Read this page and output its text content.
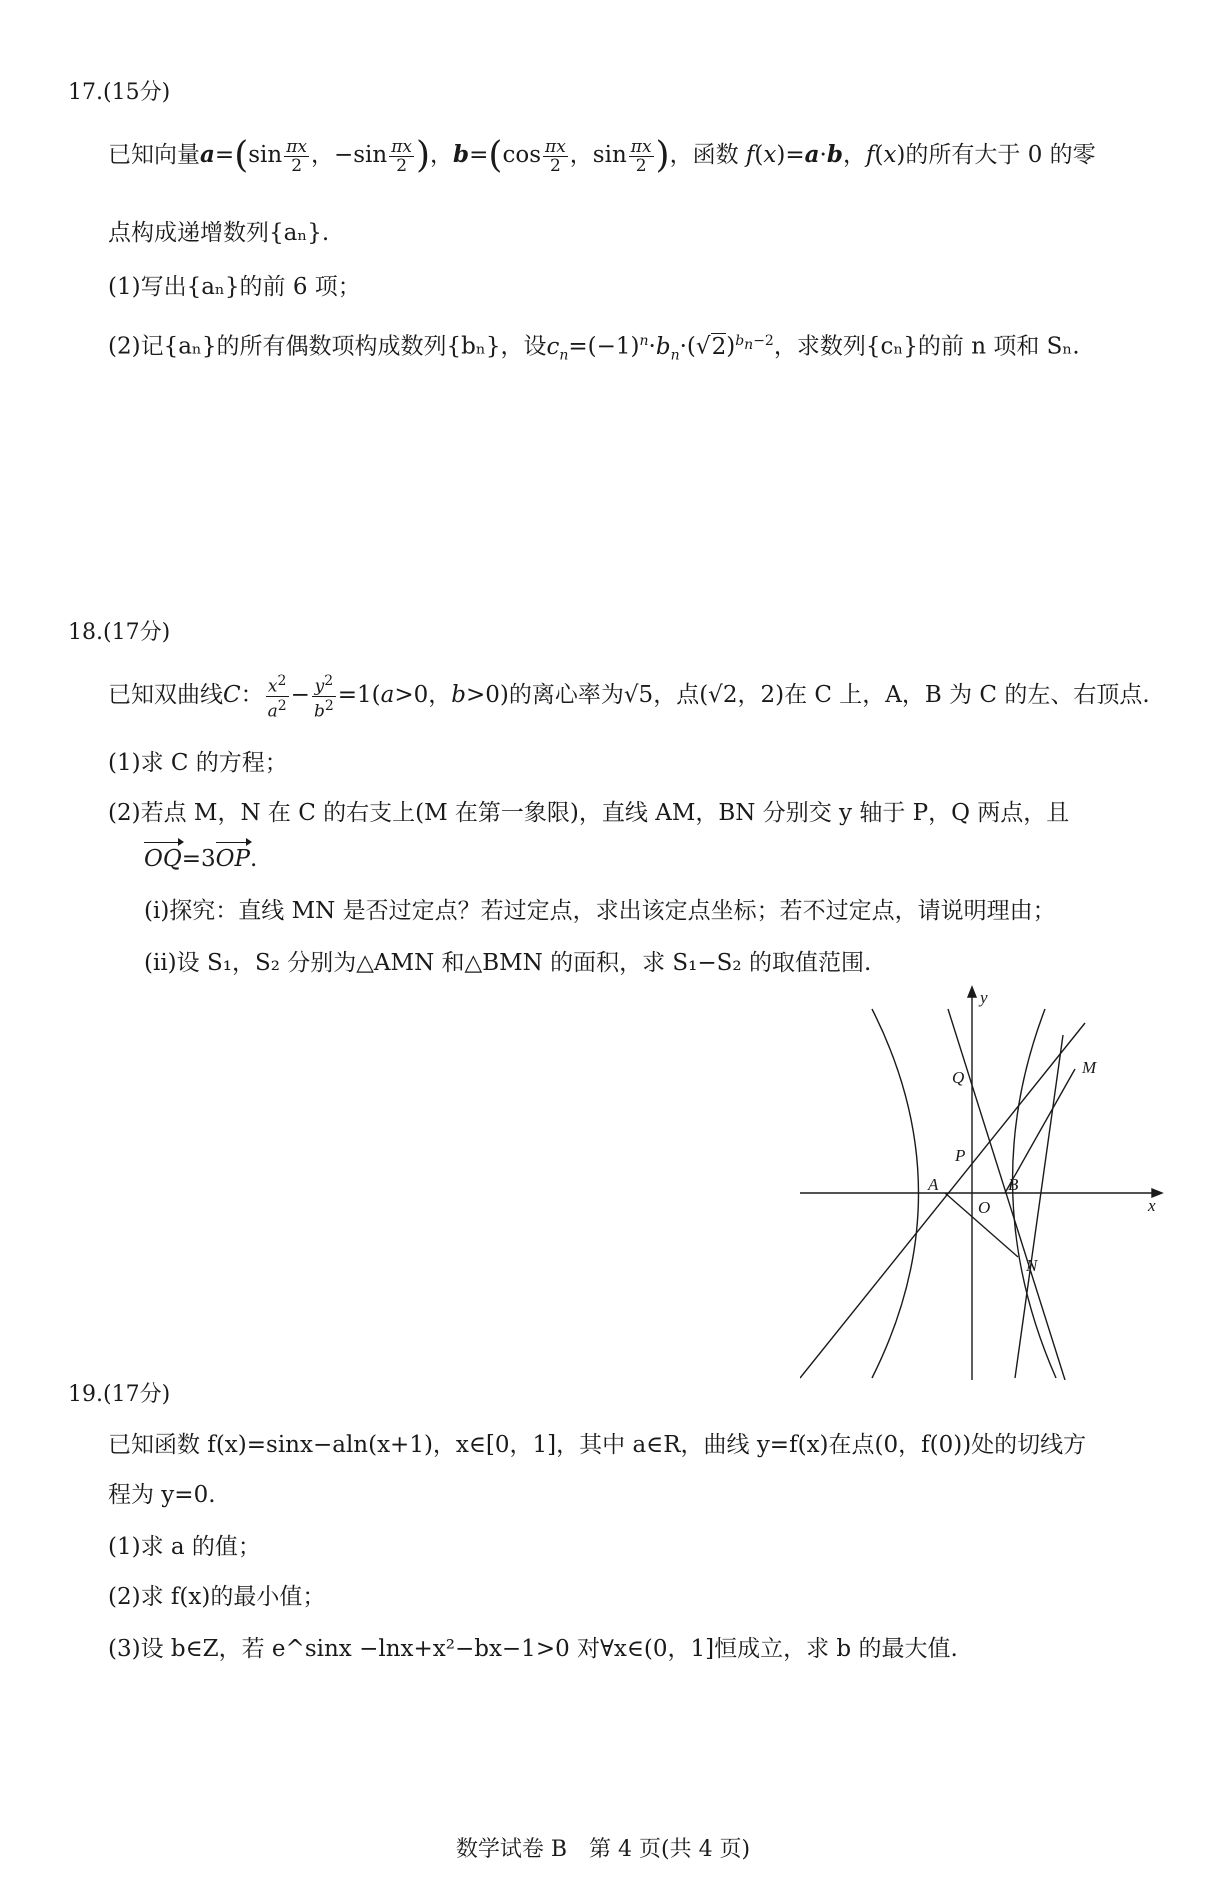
17.(15分)
已知向量$a=(\sin \frac{\pi x}{2}$ ，$-\sin \frac{\pi x}{2}$ )，$b=(\cos \frac{\pi x}{2}$ ，$\sin \frac{\pi x}{2}$ )，函数 f(x)=a·b，f(x)的所有大于 0 的零
点构成递增数列{aₙ}.
(1)写出{aₙ}的前 6 项；
(2)记{aₙ}的所有偶数项构成数列{bₙ}，设$c_n=(-1)^n\cdot b_n\cdot(√2)^{b_n-2}$，求数列{cₙ}的前 n 项和 Sₙ.
18.(17分)
已知双曲线C： $\frac{x^2}{a^2} - \frac{y^2}{b^2} =1(a>0$，b>0)的离心率为√5，点(√2，2)在 C 上，A，B 为 C 的左、右顶点.
(1)求 C 的方程；
(2)若点 M，N 在 C 的右支上(M 在第一象限)，直线 AM，BN 分别交 y 轴于 P，Q 两点，且
OQ=3OP.
(i)探究：直线 MN 是否过定点？若过定点，求出该定点坐标；若不过定点，请说明理由；
(ii)设 S₁，S₂ 分别为△AMN 和△BMN 的面积，求 S₁−S₂ 的取值范围.
y
x
Q
P
A
O
B
M
N
19.(17分)
已知函数 f(x)=sinx−aln(x+1)，x∈[0，1]，其中 a∈R，曲线 y=f(x)在点(0，f(0))处的切线方
程为 y=0.
(1)求 a 的值；
(2)求 f(x)的最小值；
(3)设 b∈Z，若 e^sinx −lnx+x²−bx−1>0 对∀x∈(0，1]恒成立，求 b 的最大值.
数学试卷 B　第 4 页(共 4 页)
